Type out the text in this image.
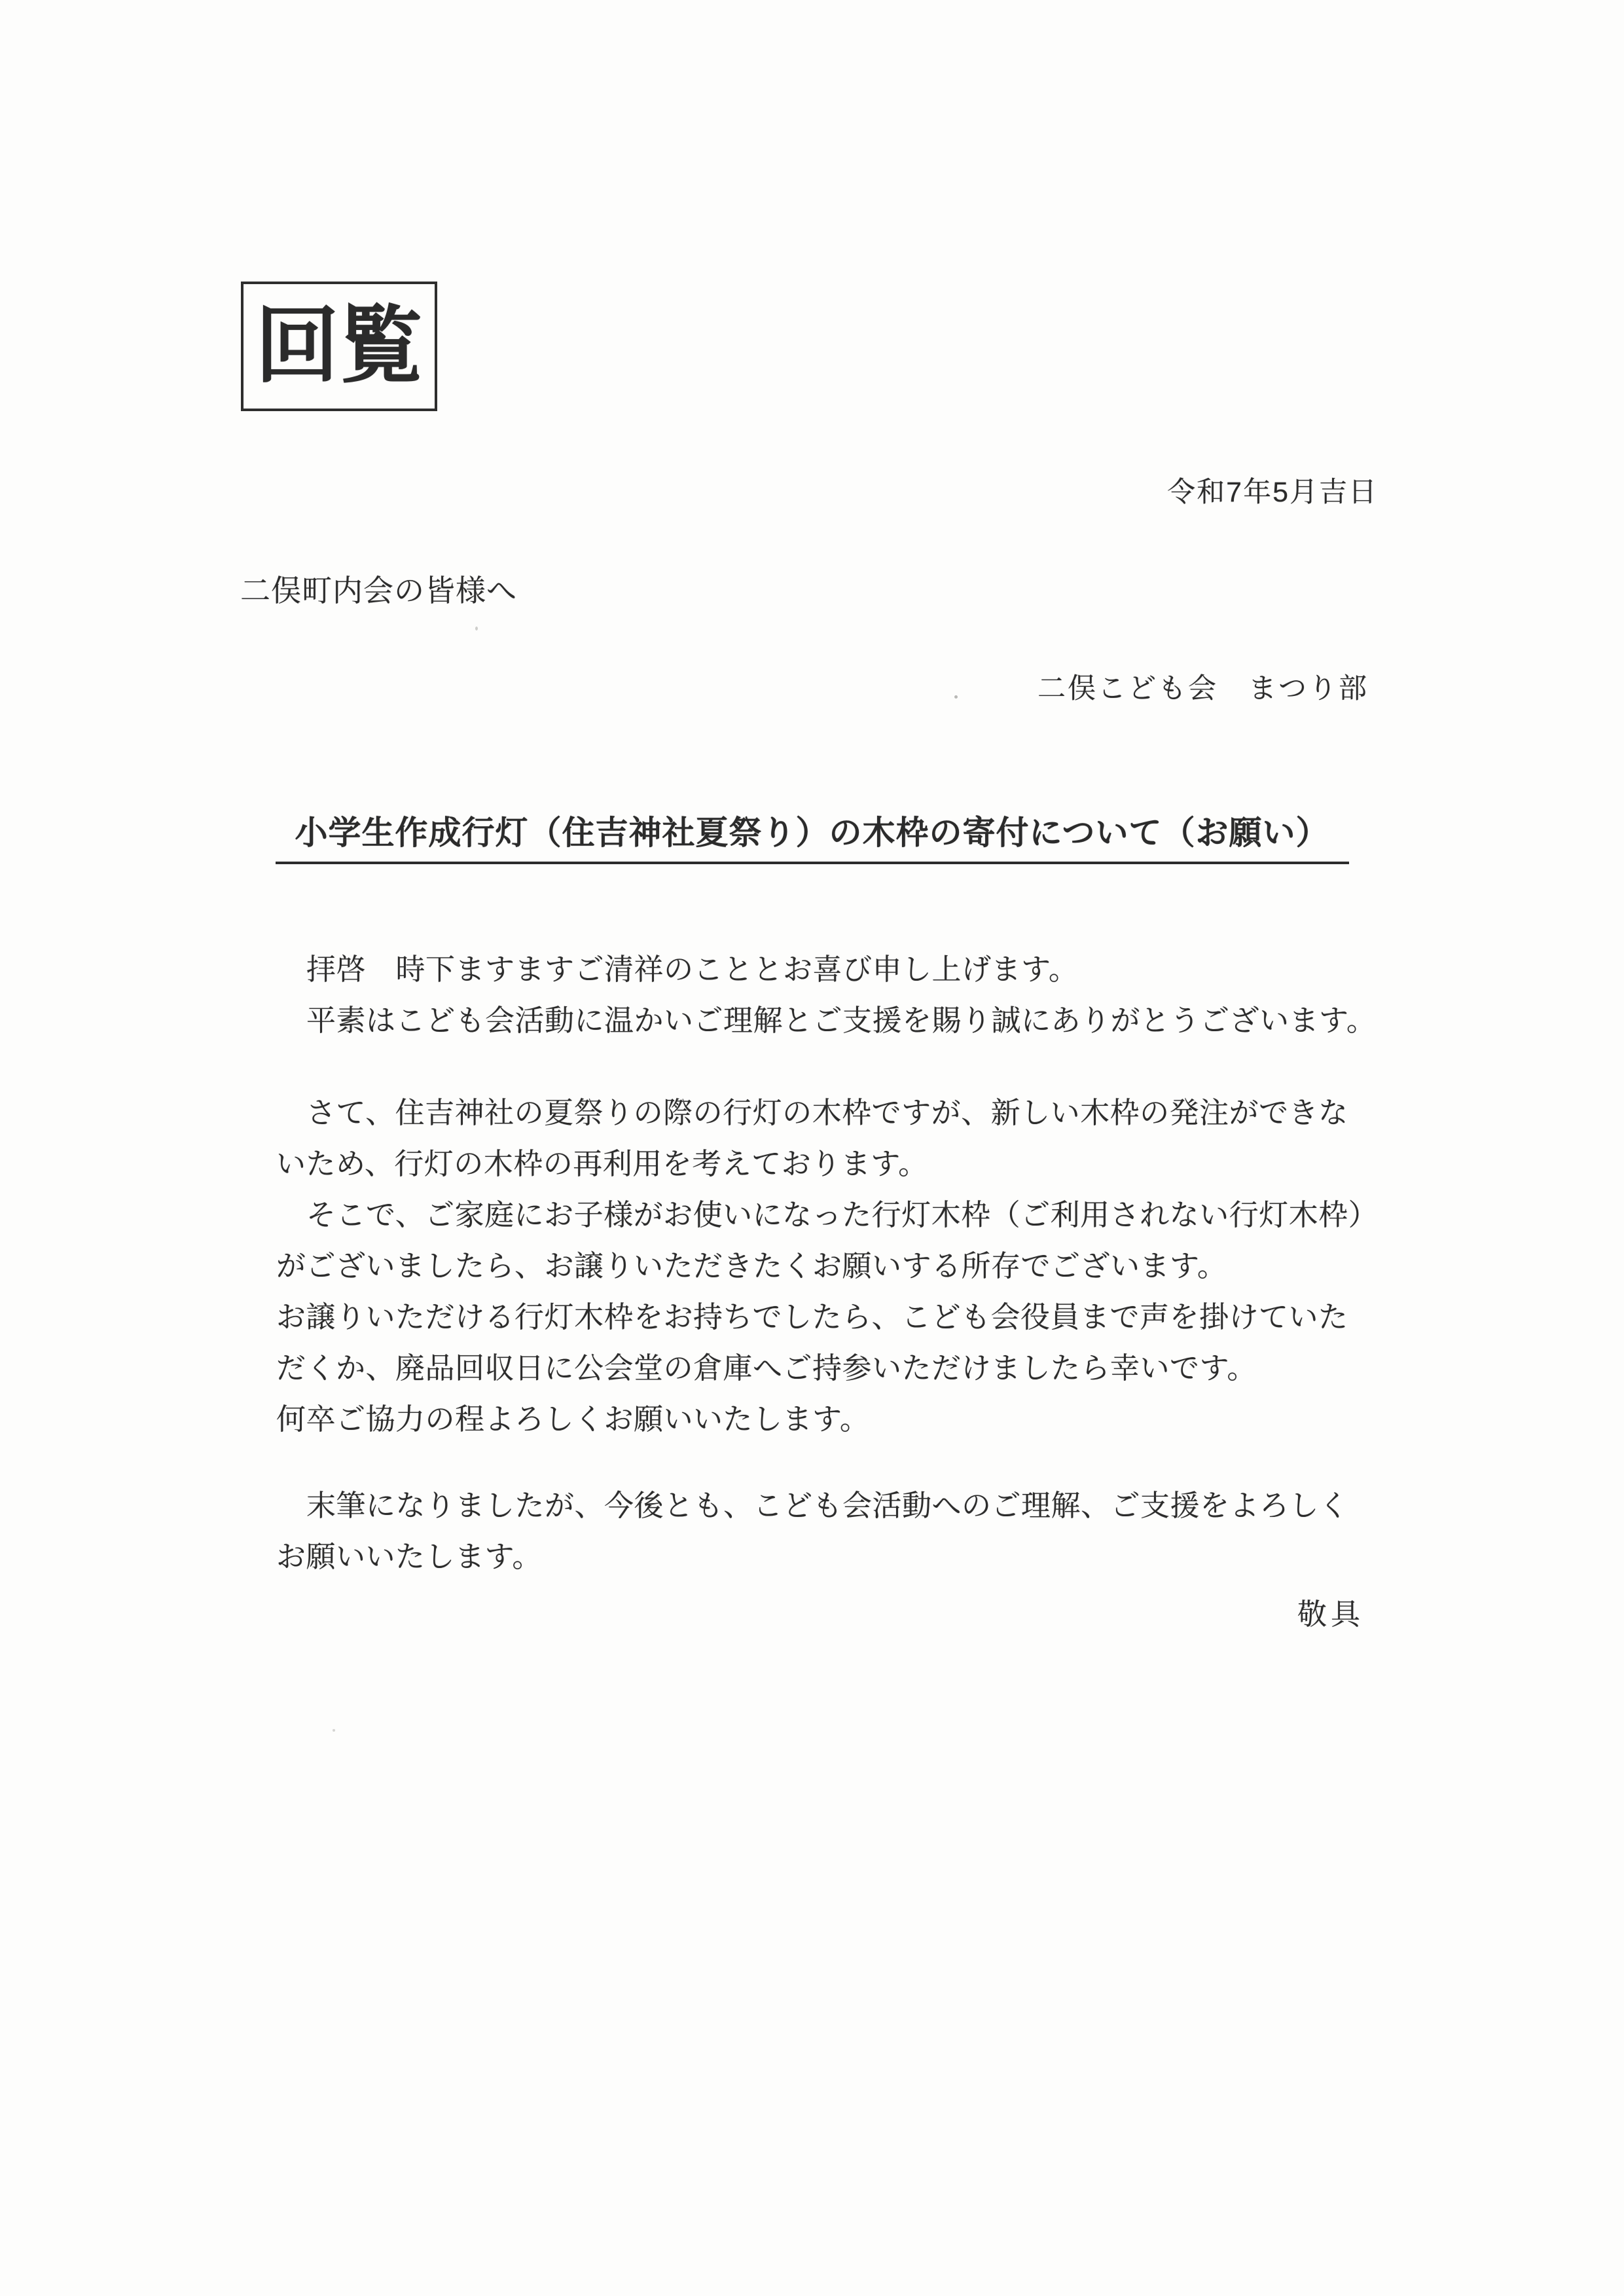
回覧
令和7年5月吉日
二俣町内会の皆様へ
二俣こども会　まつり部
小学生作成行灯（住吉神社夏祭り）の木枠の寄付について（お願い）
拝啓　時下ますますご清祥のこととお喜び申し上げます。
平素はこども会活動に温かいご理解とご支援を賜り誠にありがとうございます。
さて、住吉神社の夏祭りの際の行灯の木枠ですが、新しい木枠の発注ができな
いため、行灯の木枠の再利用を考えております。
そこで、ご家庭にお子様がお使いになった行灯木枠（ご利用されない行灯木枠）
がございましたら、お譲りいただきたくお願いする所存でございます。
お譲りいただける行灯木枠をお持ちでしたら、こども会役員まで声を掛けていた
だくか、廃品回収日に公会堂の倉庫へご持参いただけましたら幸いです。
何卒ご協力の程よろしくお願いいたします。
末筆になりましたが、今後とも、こども会活動へのご理解、ご支援をよろしく
お願いいたします。
敬具
